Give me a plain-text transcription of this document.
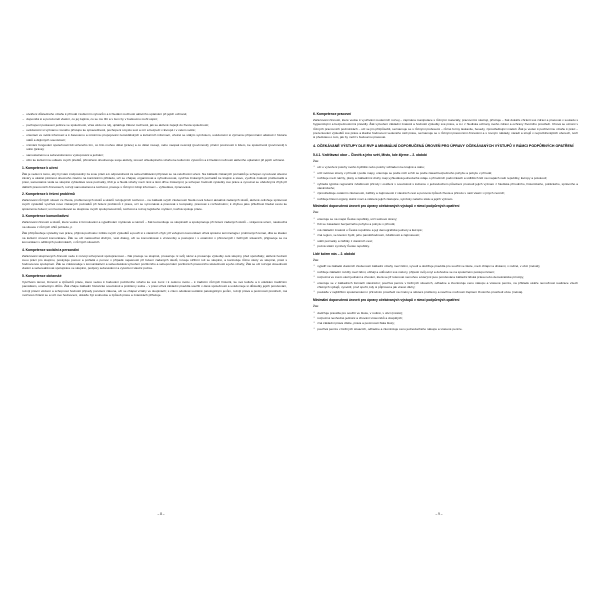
– utváření důsledného vztahu k přírodě i kulturním výtvorům a k hledání možností aktivního uplatnění při jejich ochraně;
– dopovídá si a porozumět vlastní, co jej zajímá, co se mu líbí a v čem by v budoucnu mohl uspět;
– pochopení postavení jedince ve společnosti, včas vědo na něj, uplatňuje žákovi možnosti, jak se aktivně zapojit do života společnosti;
– uvědomění si významu rovného přístupu ke spravedlnosti, pochopení smyslu soci a mír a bezpečí v Evropě i v celém světě;
– orientaci ve světě informací a k časovému a místnímu propojování zemědělských a kulturních informací, včetně se stálým symbolem, uvědomění si významu připomínání události z historie států a dějinných souvislostí;
– vnímání fungování společnosti lidi určeného tím, co bílo mohou dělat (práce) a co dělat musejí, nebo naopak nesmějí (povinnosti); plnění povinností k lidem, ke společnosti (povinnosti) k sobě (práva);
– samostatnému a sebevědomému vystupování a jednání;
– účin ke kulturnímu odkazu svých předků, přiměřeně ohodnocuje svoje aktivity, úroveň ohledupiného vztahu ke kulturním výtvorům a k hledání možností aktivního uplatnění při jejich ochraně.
1. Kompetence k učení

Žák je veden k tomu, aby byl sám zodpovědný za svou práci a k odpovědnosti za sebevzdělávání přípravě se na celoživotní učení. Na základě získaných poznatků je schopen vyvozovat obecné závěry a ukázat plošnost obecného závěru na konkrétním příkladu, učí se chápat, organizovat a vyhodnocovat, využívá získaných poznatků ke krajině a stavu, využívá znalostí problematik a praxi, samostatné věda se skupině vyhledává nové poznatky, třídí je a hledá vztahy mezi nimi a těmi dříve získanými; je schopen hodnotit výsledky své práce a vyrovnat se obdobnými zhýb při dalších pracovních činnostech, rozvíjí samostatnost a tvořivost, pracuje s různými zdroji informací – vyhledává, zpracovává.

2. Kompetence k řešení problémů

Zařazování různých situací ze života, problémových úkolů a ukázů rozvíjejících tvořivost – na základě svých zkušeností hledá nová řešení aktuálně zadaných úkolů, aktivně ovlivňuje správnost svých výsledků využívá nové získaných poznatků při řešení problémů z praxe, učí se vyrovnávat a pracovat s kompakty, pracovat s rozhodnutím; k chybou jako příležitost hledat cestu ke správnému řešení; umí komunikovat se skupinou svých spolupracovníků, tvořivost a rozvoj logického myšlení, tvořivá spoluje práce.

3. Kompetence komunikativní

Zařazování činností a úkolů, které vedou k formulování a vyjadřování myšlenek a názorů – žák komunikuje ve skupinách a spolupracuje při řešení zadaných úkolů – vzájemné učení, naslouchá na situace z různých úhlů pohledu, p

Žák přizpůsobuje výsledky své práce, přijímá pochvalu i kritiku svých výsledků a použi si s vlastních chyb; při veřejném komunikaci užívá správné terminologie i probíraných témat, dbá se kladen na kulturní úroveň komunikace. Žák se učí naslouchat druhým, vést dialog, učí se komunikovat s vrstevníky a postupně i s ostatními v přirozených i běžných situacích, přigravuje se na komunikaci v odlišných podmínkách, v různých situacích.

4. Kompetence sociální a personální

Zařazování skupinových činností vede k rozvoji schopnosti spolupracovat – žák pracuje ve skupině, prosazuje ní svůj názor a prosazuje výsledky celé skupiny před spolužáky; aktivně hodnotí svou práci pro skupinu, poskytuje pomoc a požádá o pomoc v případě nejasností při řešení zadaných úkolů, tvrouje stříbrní roli se skupině, a kontroluje různé úkoly ve skupině, práci s hodnocenou spoluprací. Žák se zdokonaluje v komunikativní a sebeočekává vytvoření pozitivního a sebepoznání pozitivních pracovního skutečnosti a jeho vztahy; Žák se učí rozvíjet dovednosti vlastní a seberealizovat spolupráce ve skupině, podpory sebevědomí a vytvoření vlastní pozice.

5. Kompetence občanské

Využívám témat, činností a způsobů práce, které vedou k budování pozitivního vztahu ke své zemi i k celému světu – k tradicím různých historik, ke své kultuře a k otázkám tradičním památkám, uměleckým dílům. Žák chápe základní historické souvislosti a problémy světa – v praxi užívá základní pravidla soužití v dané společnosti a uvědomuje si důsledky jejich porušování, rozvíjí právní vědomí a schopnost hodnotit případy porušení zákona, učí se chápat vztahy ve skupinách; s cílem odolávat sociálně patologickým jevům, rozvíjí práva a povinnosti prostředí, má možnost chránit se a vzít své hodnocení, dokáže být svobodou a způsob práce a známkách přiřazuje.

6. Kompetence pracovní

Zařazování činností, které vedou k využívání moderních rozvoj – zapínána manipulace s různými materiály, pracovními nástroji, přístroje – žák dokáže chránit své zdraví a pracovat v souladu s hygienickými a bezpečnostními pravidly. Žák vytvoření základní znalosti a hodnotit výsledky své práce, a to i z hlediska ochrany svého zdraví a ochrany životního prostředí. Chová se uznání v různých pracovních podmínkách – učí se jim přizpůsobit, seznamuje se s různými profesemi – různé formy laskavše, besedy, zprostředkující mádoli. Žák je veden k pozitivnímu vztahu k práci – prezentování výsledků své práce a kladné hodnocení vedeného úsilí práce, seznamuje se s různými pracovními činnostmi a s rovným náklady, náradí a strojů v nejrozšířenějších oborech, tvoří si představu o tom, jak by mohl v budoucnu pracovat.

4. OČEKÁVANÉ VÝSTUPY DLE RVP A MINIMÁLNÍ DOPORUČENÁ ÚROVEŇ PRO ÚPRAVY OČEKÁVANÝCH VÝSTUPŮ V RÁMCI PODPŮRNÝCH OPATŘENÍ
5.4.1. Vzdělávací obor – Člověk a jeho svět, Místo, kde žijeme – 2. období

Žák:

• učí o vytvoření polohy svého bydliště nebo polohy schladem ke krajině a státu;
• určí světové strany v přírodě i podle mapy, orientuje se podle nich a řídí se podle zásad bezpečného pohybu a pobytu v přírodě;
• rozlišuje mezi náčrty, plány a základními druhy map,vyhledává jednoduché údaje o přírodních podmínkách a sídlištích lidí na mapách naší republiky, Evropy a polokoulí;
• vyhledá typické regionální zvláštnosti přírody i osídlení v souvislosti s kulturou v jednoduchém působení prostudi jejich význam z hlediska přírodního, historického, politického, správního a vlastnického;
• zprostředkuje ostatním zkušenosti, zážitky a zajímavosti z vlastních cest a porovná způsob života a přírodu v naší vlasti i v jiných zemích;
• rozlišuje hlavní orgány státní moci a některé jejich zástupce, symboly našeho státu a jejich význam.
Minimální doporučená úroveň pro úpravy očekávaných výstupů v rámci podpůrných opatření

Žák:

• orientuje se na mapě České republiky, určí světové strany;
• řídí se zásadami bezpečného pohybu a pobytu v přírodě;
• má základní znalosti o České republice a její demografické jednoty a Evropě;
• zná region, ve kterém bydlí, jeho pamětihodnosti, zvláštnosti a zajímavosti;
• sdělí poznatky a zážitky z vlastních cest;
• pozná státní symboly České republiky.
Lidé kolem nás – 2. období

Žák:

• vyjádří na základě vlastních zkušeností základní vztahy mezi lidmi, vyvodí a dodržuje pravidla pro soužití ve škole, mezi chlapci a dívkami, v rodině, v obci (městě);
• rozlišuje základní rozdíly mezi lidmi, obhájí a odůvodní své názory, připustí svůj omyl a dohodne se na společném postupu řešení;
• rozpozná ve svém okolí jednání a chování, která se již tolerovat nemohou a kterými jsou porušována základní lidská práva nebo demokratické principy;
• orientuje se v základních formách vlastnictví; používá peníze v běžných situacích, odhadne a zkontroluje cenu nákupu a vrácené peníze, na příkladu ukáže nemožnost realizace všech chtěných výdajů, vysvětlí, proč spořit, kdy si půjčovat a jak vracet dluhy;
• poukáže v nejbližším společenském i přírodním prostředí na změny a některé problémy a navrhne možnosti zlepšení životního prostředí obce (města).
Minimální doporučená úroveň pro úpravy očekávaných výstupů v rámci podpůrných opatření

Žák:

• dodržuje pravidla pro soužití ve škole, v rodině, v obci (městě);
• rozpozná nevhodné jednání a chování vrstevníků a dospělých;
• zná základní práva dítěte, práva a povinnosti žáka školy;
• používá peníze v běžných situacích, odhadne a zkontroluje cenu jednoduchého nákupu a vrácené peníze.
– 8 –	– 9 –
